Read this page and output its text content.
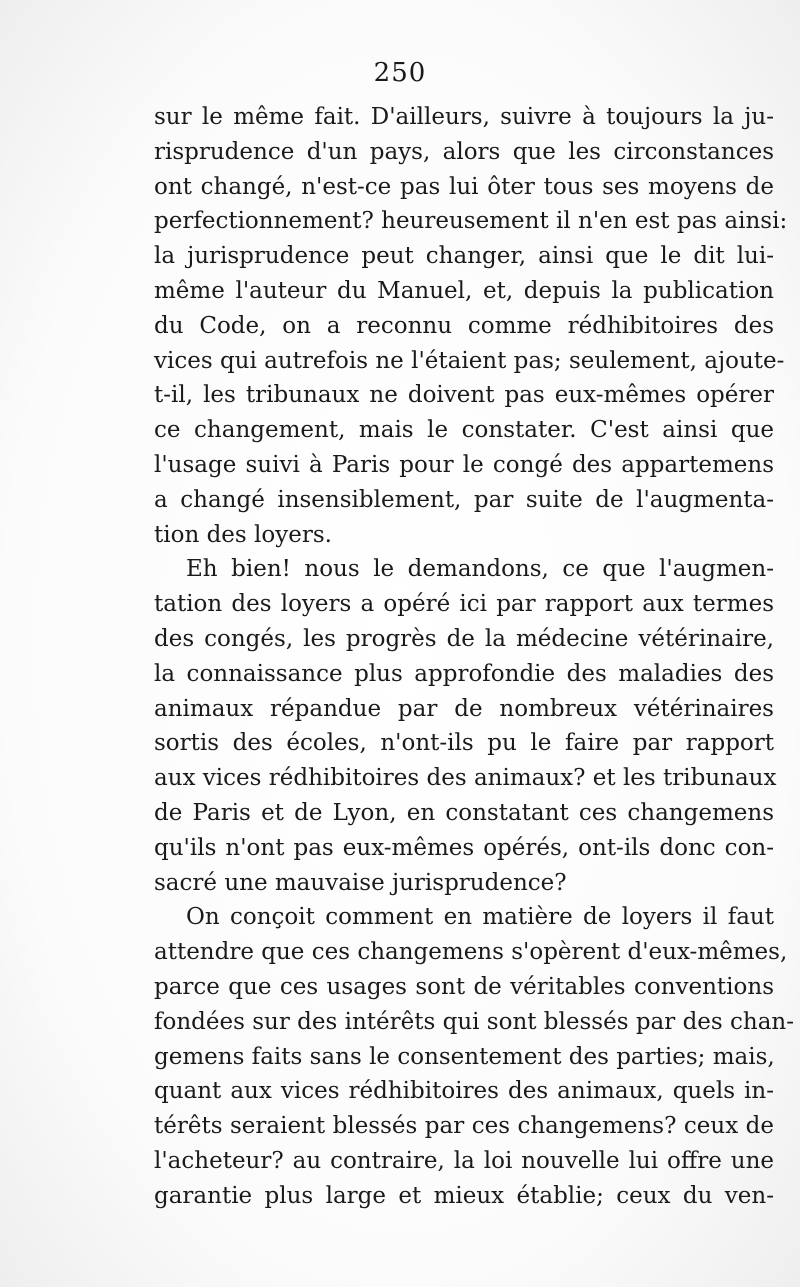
250
sur le même fait. D'ailleurs, suivre à toujours la ju-
risprudence d'un pays, alors que les circonstances
ont changé, n'est-ce pas lui ôter tous ses moyens de
perfectionnement? heureusement il n'en est pas ainsi:
la jurisprudence peut changer, ainsi que le dit lui-
même l'auteur du Manuel, et, depuis la publication
du Code, on a reconnu comme rédhibitoires des
vices qui autrefois ne l'étaient pas; seulement, ajoute-
t-il, les tribunaux ne doivent pas eux-mêmes opérer
ce changement, mais le constater. C'est ainsi que
l'usage suivi à Paris pour le congé des appartemens
a changé insensiblement, par suite de l'augmenta-
tion des loyers.
Eh bien! nous le demandons, ce que l'augmen-
tation des loyers a opéré ici par rapport aux termes
des congés, les progrès de la médecine vétérinaire,
la connaissance plus approfondie des maladies des
animaux répandue par de nombreux vétérinaires
sortis des écoles, n'ont-ils pu le faire par rapport
aux vices rédhibitoires des animaux? et les tribunaux
de Paris et de Lyon, en constatant ces changemens
qu'ils n'ont pas eux-mêmes opérés, ont-ils donc con-
sacré une mauvaise jurisprudence?
On conçoit comment en matière de loyers il faut
attendre que ces changemens s'opèrent d'eux-mêmes,
parce que ces usages sont de véritables conventions
fondées sur des intérêts qui sont blessés par des chan-
gemens faits sans le consentement des parties; mais,
quant aux vices rédhibitoires des animaux, quels in-
térêts seraient blessés par ces changemens? ceux de
l'acheteur? au contraire, la loi nouvelle lui offre une
garantie plus large et mieux établie; ceux du ven-
